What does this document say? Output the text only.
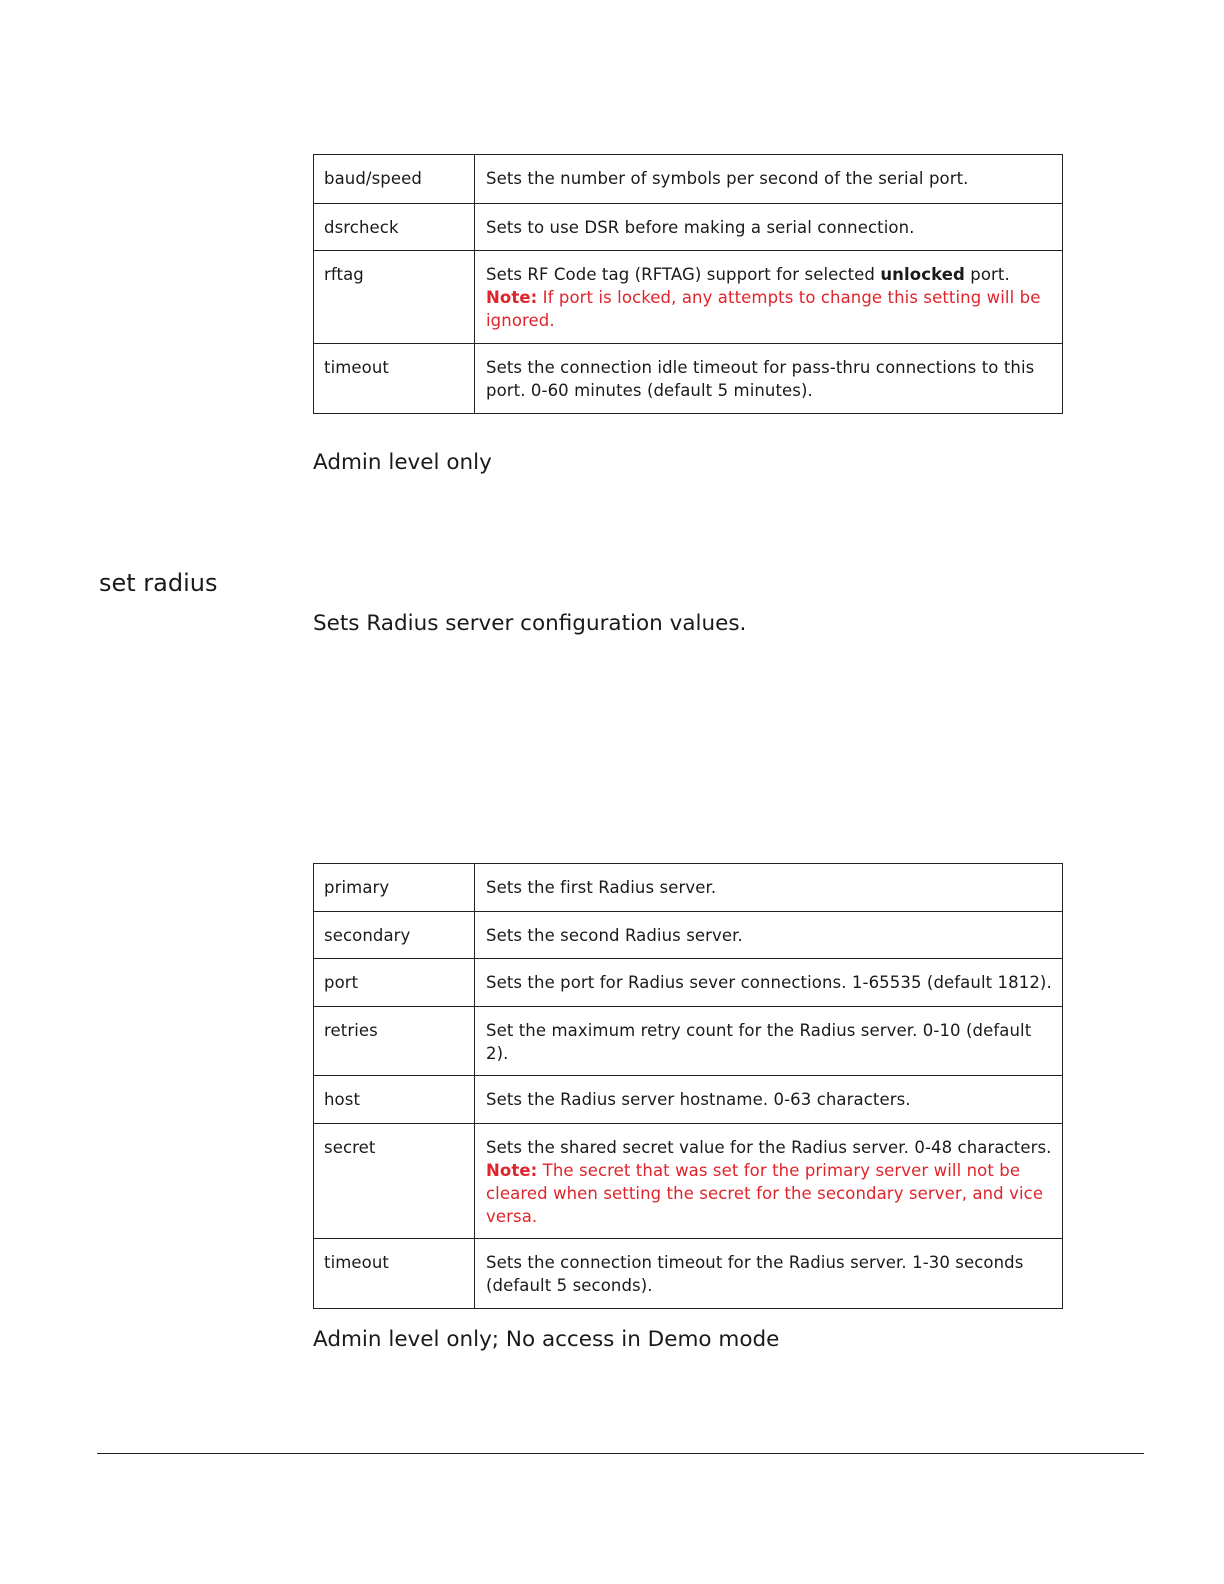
baud/speed	Sets the number of symbols per second of the serial port.
dsrcheck	Sets to use DSR before making a serial connection.
rftag	Sets RF Code tag (RFTAG) support for selected unlocked port.
Note: If port is locked, any attempts to change this setting will be ignored.

timeout	Sets the connection idle timeout for pass-thru connections to this port. 0-60 minutes (default 5 minutes).
Admin level only
set radius
Sets Radius server configuration values.
primary	Sets the first Radius server.
secondary	Sets the second Radius server.
port	Sets the port for Radius sever connections. 1-65535 (default 1812).
retries	Set the maximum retry count for the Radius server. 0-10 (default 2).
host	Sets the Radius server hostname. 0-63 characters.
secret	Sets the shared secret value for the Radius server. 0-48 characters.
Note: The secret that was set for the primary server will not be cleared when setting the secret for the secondary server, and vice versa.

timeout	Sets the connection timeout for the Radius server. 1-30 seconds (default 5 seconds).
Admin level only; No access in Demo mode
